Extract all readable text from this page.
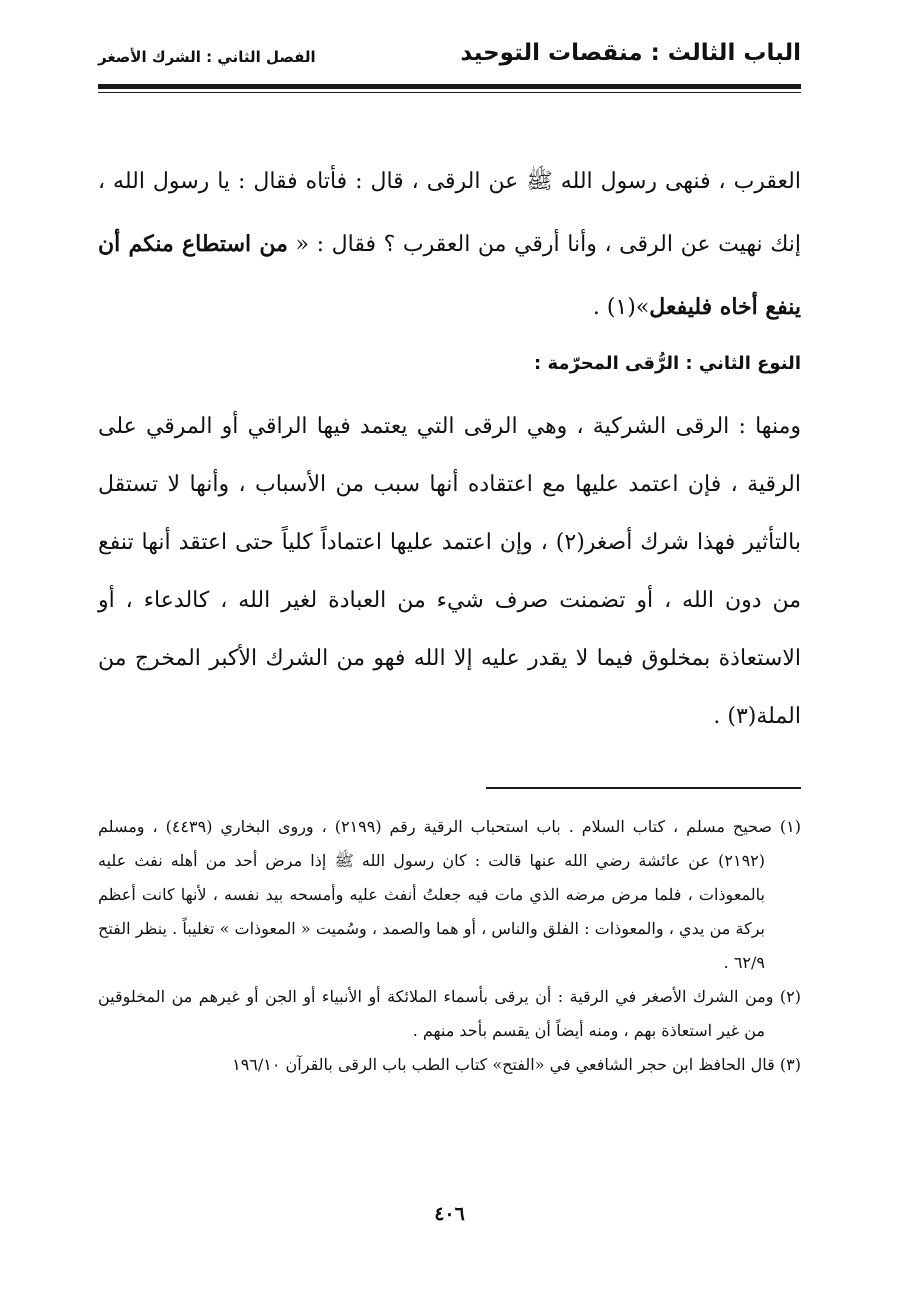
الباب الثالث : منقصات التوحيد
الفصل الثاني : الشرك الأصغر

العقرب ، فنهى رسول الله ﷺ عن الرقى ، قال : فأتاه فقال : يا رسول الله ، إنك نهيت عن الرقى ، وأنا أرقي من العقرب ؟ فقال : « من استطاع منكم أن ينفع أخاه فليفعل»(١) .

النوع الثاني : الرُّقى المحرّمة :

ومنها : الرقى الشركية ، وهي الرقى التي يعتمد فيها الراقي أو المرقي على الرقية ، فإن اعتمد عليها مع اعتقاده أنها سبب من الأسباب ، وأنها لا تستقل بالتأثير فهذا شرك أصغر(٢) ، وإن اعتمد عليها اعتماداً كلياً حتى اعتقد أنها تنفع من دون الله ، أو تضمنت صرف شيء من العبادة لغير الله ، كالدعاء ، أو الاستعاذة بمخلوق فيما لا يقدر عليه إلا الله فهو من الشرك الأكبر المخرج من الملة(٣) .

(١) صحيح مسلم ، كتاب السلام . باب استحباب الرقية رقم (٢١٩٩) ، وروى البخاري (٤٤٣٩) ، ومسلم (٢١٩٢) عن عائشة رضي الله عنها قالت : كان رسول الله ﷺ إذا مرض أحد من أهله نفث عليه بالمعوذات ، فلما مرض مرضه الذي مات فيه جعلتُ أنفث عليه وأمسحه بيد نفسه ، لأنها كانت أعظم بركة من يدي ، والمعوذات : الفلق والناس ، أو هما والصمد ، وسُميت « المعوذات » تغليباً . ينظر الفتح ٦٢/٩ .

(٢) ومن الشرك الأصغر في الرقية : أن يرقى بأسماء الملائكة أو الأنبياء أو الجن أو غيرهم من المخلوقين من غير استعاذة بهم ، ومنه أيضاً أن يقسم بأحد منهم .

(٣) قال الحافظ ابن حجر الشافعي في «الفتح» كتاب الطب باب الرقى بالقرآن ١٩٦/١٠

٤٠٦
